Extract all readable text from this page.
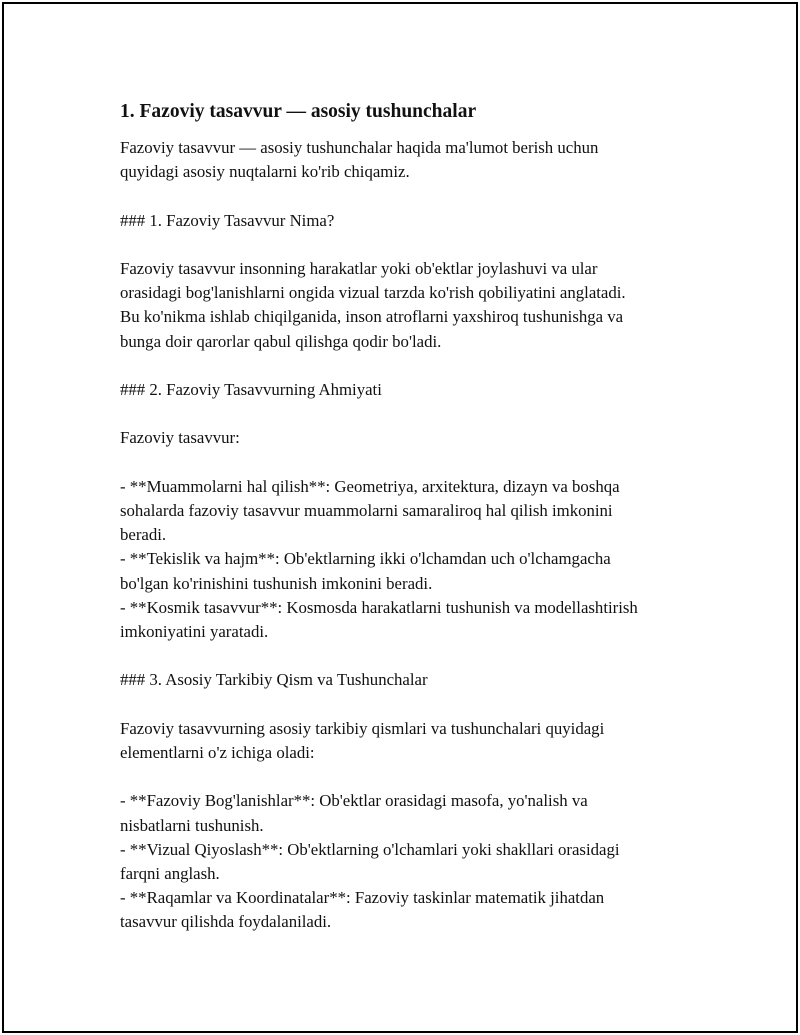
1. Fazoviy tasavvur — asosiy tushunchalar

Fazoviy tasavvur — asosiy tushunchalar haqida ma'lumot berish uchun
quyidagi asosiy nuqtalarni ko'rib chiqamiz.

### 1. Fazoviy Tasavvur Nima?

Fazoviy tasavvur insonning harakatlar yoki ob'ektlar joylashuvi va ular
orasidagi bog'lanishlarni ongida vizual tarzda ko'rish qobiliyatini anglatadi.
Bu ko'nikma ishlab chiqilganida, inson atroflarni yaxshiroq tushunishga va
bunga doir qarorlar qabul qilishga qodir bo'ladi.

### 2. Fazoviy Tasavvurning Ahmiyati

Fazoviy tasavvur:

- **Muammolarni hal qilish**: Geometriya, arxitektura, dizayn va boshqa
sohalarda fazoviy tasavvur muammolarni samaraliroq hal qilish imkonini
beradi.

- **Tekislik va hajm**: Ob'ektlarning ikki o'lchamdan uch o'lchamgacha
bo'lgan ko'rinishini tushunish imkonini beradi.

- **Kosmik tasavvur**: Kosmosda harakatlarni tushunish va modellashtirish
imkoniyatini yaratadi.

### 3. Asosiy Tarkibiy Qism va Tushunchalar

Fazoviy tasavvurning asosiy tarkibiy qismlari va tushunchalari quyidagi
elementlarni o'z ichiga oladi:

- **Fazoviy Bog'lanishlar**: Ob'ektlar orasidagi masofa, yo'nalish va
nisbatlarni tushunish.

- **Vizual Qiyoslash**: Ob'ektlarning o'lchamlari yoki shakllari orasidagi
farqni anglash.

- **Raqamlar va Koordinatalar**: Fazoviy taskinlar matematik jihatdan
tasavvur qilishda foydalaniladi.
